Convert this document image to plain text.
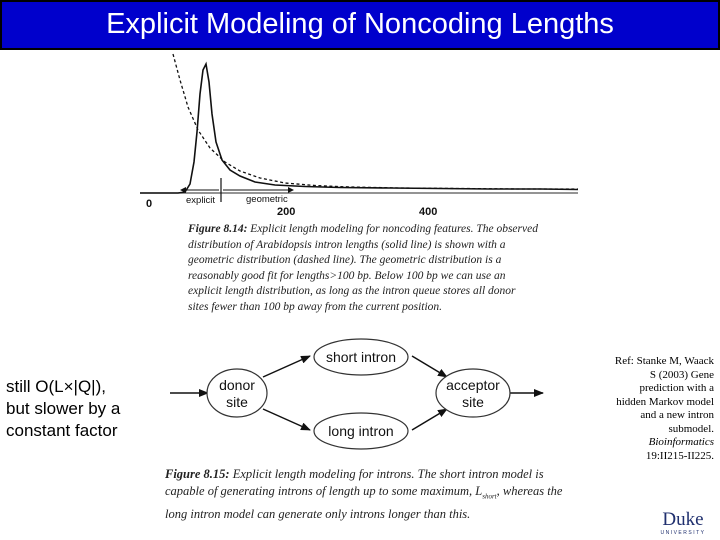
Explicit Modeling of Noncoding Lengths
explicit	geometric
0
200	400
Figure 8.14: Explicit length modeling for noncoding features. The observed distribution of Arabidopsis intron lengths (solid line) is shown with a geometric distribution (dashed line). The geometric distribution is a reasonably good fit for lengths>100 bp. Below 100 bp we can use an explicit length distribution, as long as the intron queue stores all donor sites fewer than 100 bp away from the current position.
still O(L×|Q|),
but slower by a
constant factor
donor
site
short intron
long intron
acceptor
site
Ref: Stanke M, Waack S (2003) Gene prediction with a hidden Markov model and a new intron submodel. Bioinformatics 19:II215-II225.
Figure 8.15: Explicit length modeling for introns. The short intron model is capable of generating introns of length up to some maximum, $L_{short}$, whereas the long intron model can generate only introns longer than this.	Duke
UNIVERSITY
